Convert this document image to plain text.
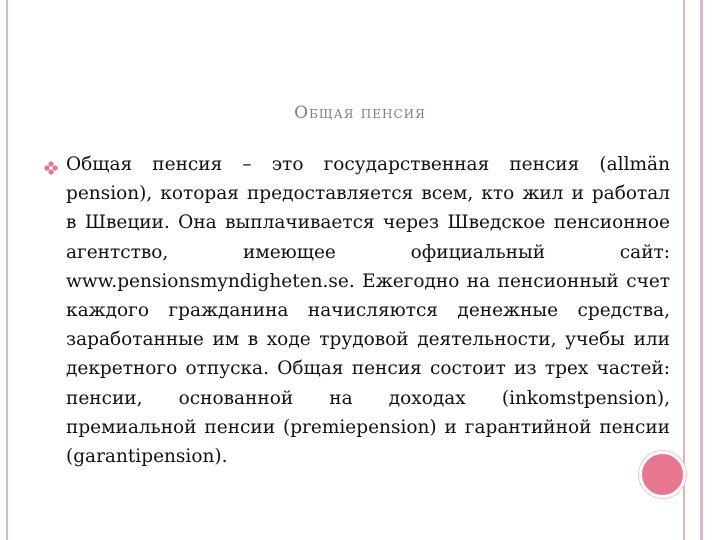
Общая пенсия

Общая пенсия – это государственная пенсия (allmän pension), которая предоставляется всем, кто жил и работал в Швеции. Она выплачивается через Шведское пенсионное агентство, имеющее официальный сайт: www.pensionsmyndigheten.se. Ежегодно на пенсионный счет каждого гражданина начисляются денежные средства, заработанные им в ходе трудовой деятельности, учебы или декретного отпуска. Общая пенсия состоит из трех частей: пенсии, основанной на доходах (inkomstpension), премиальной пенсии (premiepension) и гарантийной пенсии (garantipension).
